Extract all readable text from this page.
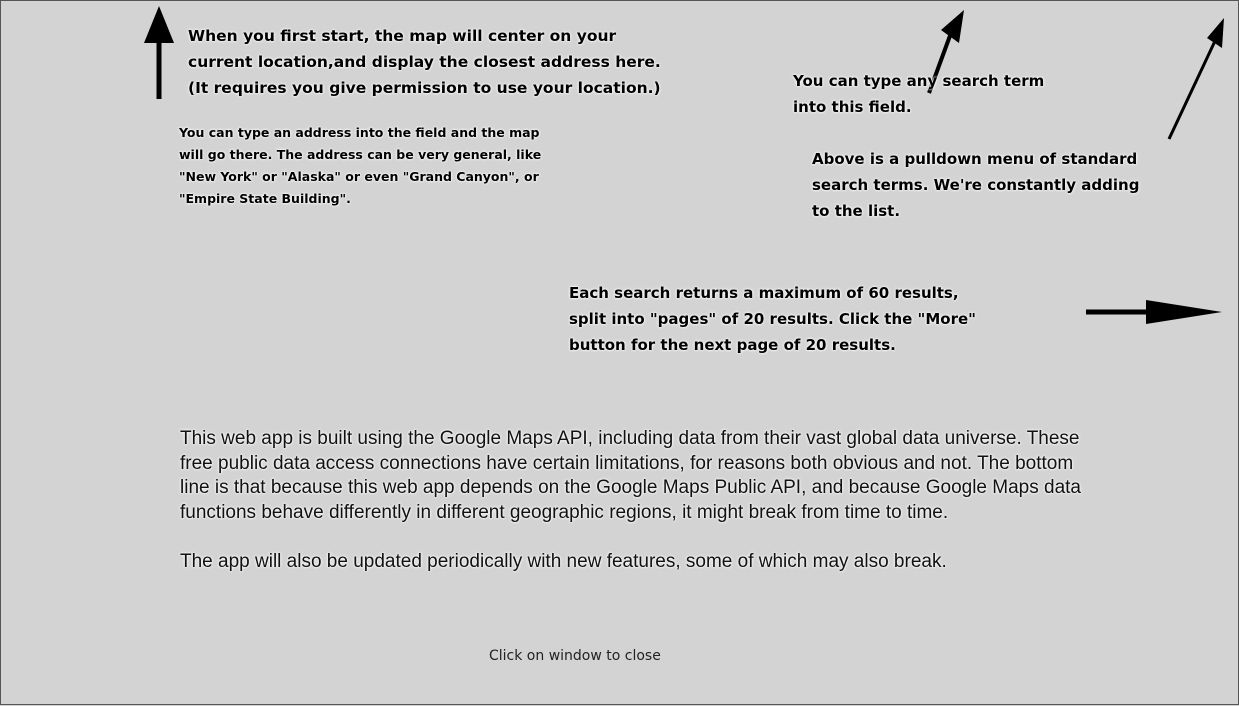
When you first start, the map will center on your
current location,and display the closest address here.
(It requires you give permission to use your location.)

You can type an address into the field and the map
will go there. The address can be very general, like
"New York" or "Alaska" or even "Grand Canyon", or
"Empire State Building".

You can type any search term
into this field.

Above is a pulldown menu of standard
search terms. We're constantly adding
to the list.

Each search returns a maximum of 60 results,
split into "pages" of 20 results. Click the "More"
button for the next page of 20 results.

This web app is built using the Google Maps API, including data from their vast global data universe. These free public data access connections have certain limitations, for reasons both obvious and not. The bottom line is that because this web app depends on the Google Maps Public API, and because Google Maps data functions behave differently in different geographic regions, it might break from time to time.

The app will also be updated periodically with new features, some of which may also break.

Click on window to close
